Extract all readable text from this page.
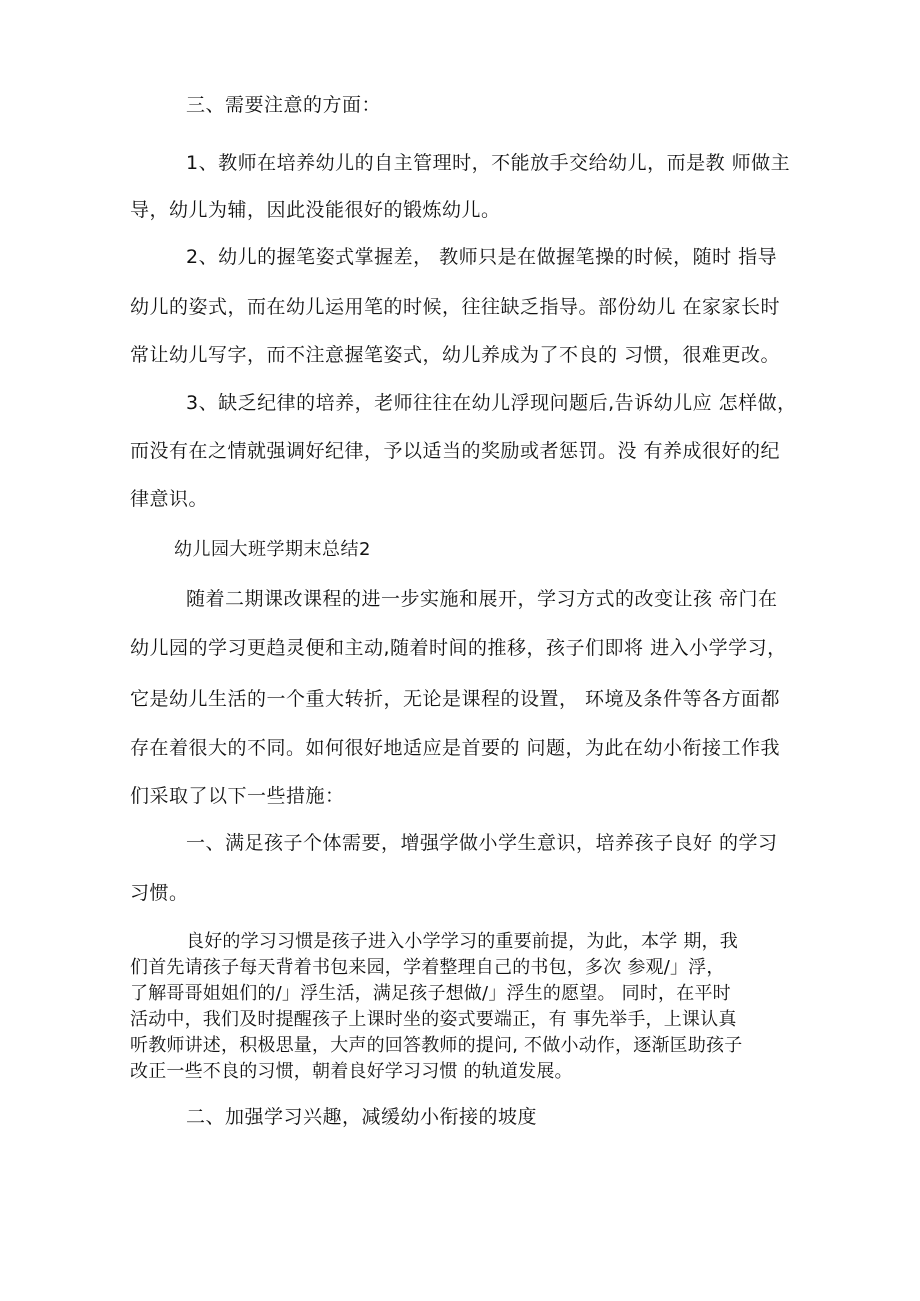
三、需要注意的方面：
1、教师在培养幼儿的自主管理时，不能放手交给幼儿，而是教 师做主
导，幼儿为辅，因此没能很好的锻炼幼儿。
2、幼儿的握笔姿式掌握差， 教师只是在做握笔操的时候，随时 指导
幼儿的姿式，而在幼儿运用笔的时候，往往缺乏指导。部份幼儿 在家家长时
常让幼儿写字，而不注意握笔姿式，幼儿养成为了不良的 习惯，很难更改。
3、缺乏纪律的培养，老师往往在幼儿浮现问题后,告诉幼儿应 怎样做，
而没有在之情就强调好纪律，予以适当的奖励或者惩罚。没 有养成很好的纪
律意识。
幼儿园大班学期末总结2
随着二期课改课程的进一步实施和展开，学习方式的改变让孩 帝门在
幼儿园的学习更趋灵便和主动,随着时间的推移，孩子们即将 进入小学学习，
它是幼儿生活的一个重大转折，无论是课程的设置， 环境及条件等各方面都
存在着很大的不同。如何很好地适应是首要的 问题，为此在幼小衔接工作我
们采取了以下一些措施：
一、满足孩子个体需要，增强学做小学生意识，培养孩子良好 的学习
习惯。
良好的学习习惯是孩子进入小学学习的重要前提，为此，本学 期，我
们首先请孩子每天背着书包来园，学着整理自己的书包，多次 参观/」浮，
了解哥哥姐姐们的/」浮生活，满足孩子想做/」浮生的愿望。 同时，在平时
活动中，我们及时提醒孩子上课时坐的姿式要端正，有 事先举手，上课认真
听教师讲述，积极思量，大声的回答教师的提问, 不做小动作，逐渐匡助孩子
改正一些不良的习惯，朝着良好学习习惯 的轨道发展。
二、加强学习兴趣，减缓幼小衔接的坡度
